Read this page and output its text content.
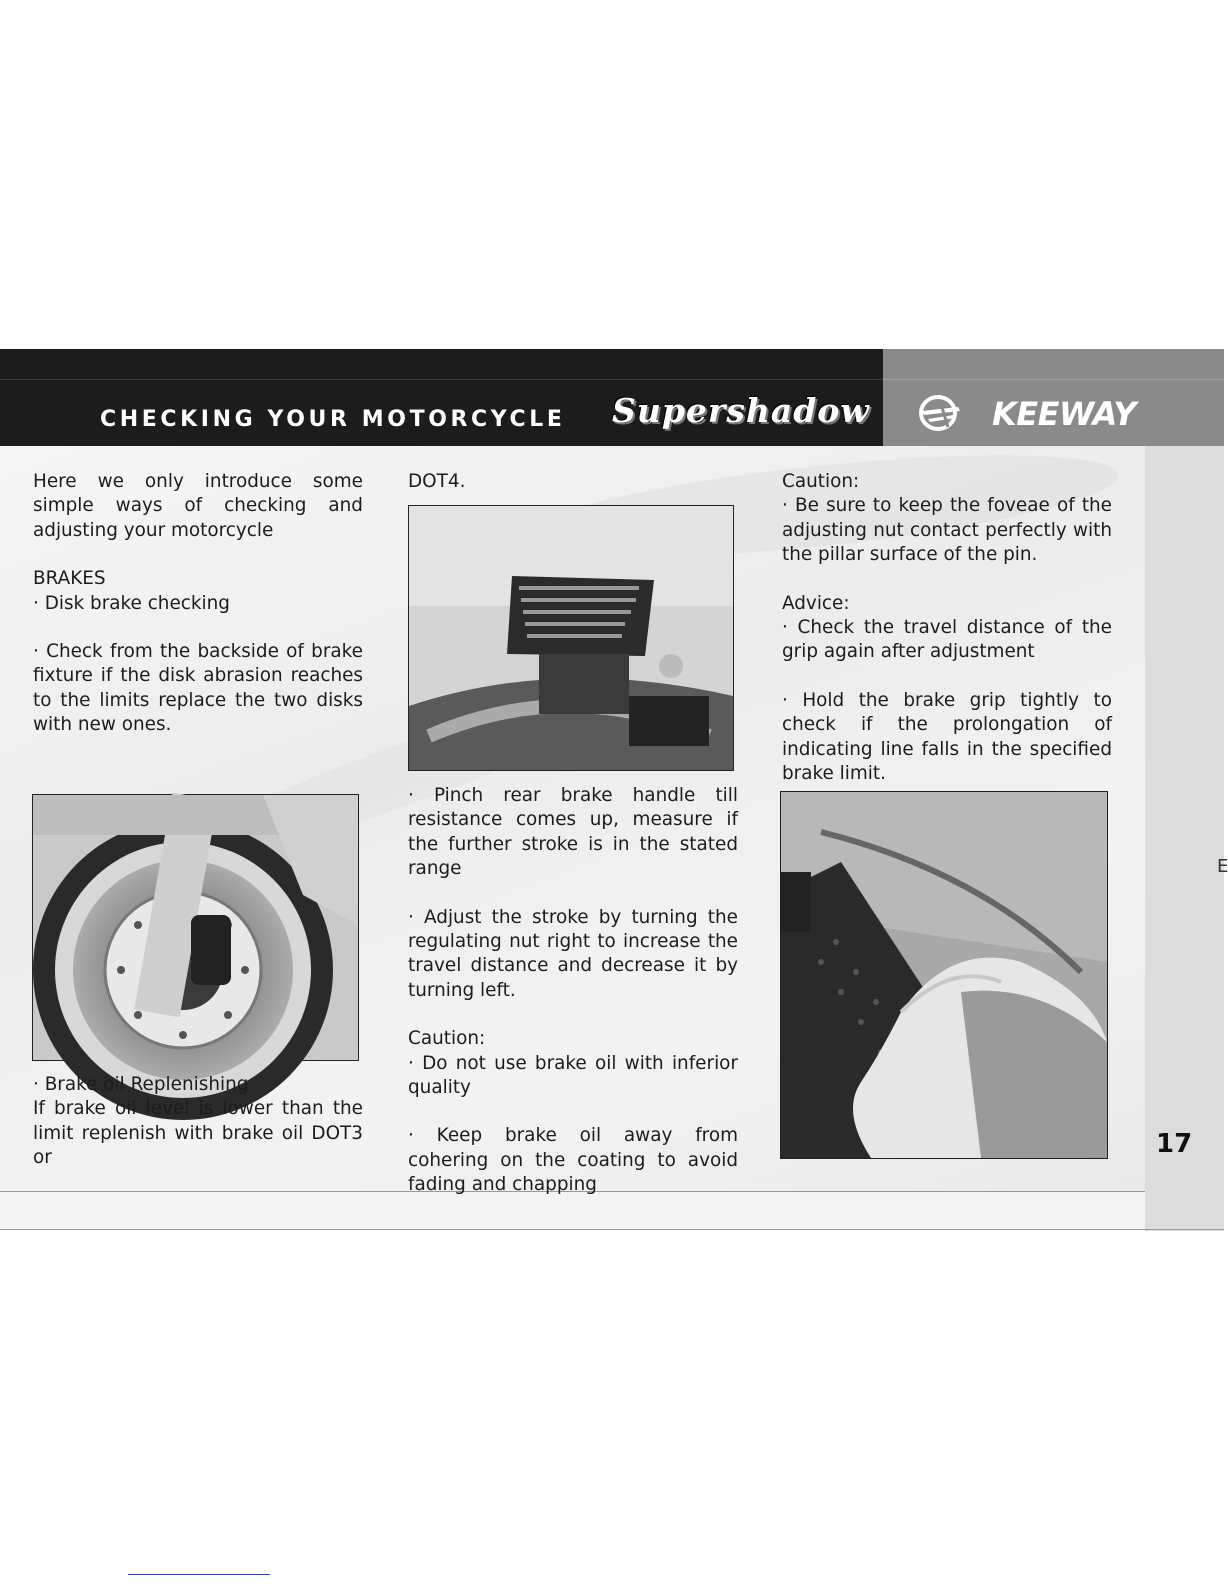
CHECKING YOUR MOTORCYCLE Supershadow	KEEWAY
17

Here we only introduce some simple ways of checking and adjusting your motorcycle

BRAKES

· Disk brake checking

· Check from the backside of brake fixture if the disk abrasion reaches to the limits replace the two disks with new ones.

· Brake oil Replenishing

If brake oil level is lower than the limit replenish with brake oil DOT3 or

DOT4.

· Pinch rear brake handle till resistance comes up, measure if the further stroke is in the stated range

· Adjust the stroke by turning the regulating nut right to increase the travel distance and decrease it by turning left.

Caution:

· Do not use brake oil with inferior quality

· Keep brake oil away from cohering on the coating to avoid fading and chapping

Caution:

· Be sure to keep the foveae of the adjusting nut contact perfectly with the pillar surface of the pin.

Advice:

· Check the travel distance of the grip again after adjustment

· Hold the brake grip tightly to check if the prolongation of indicating line falls in the specified brake limit.

E
